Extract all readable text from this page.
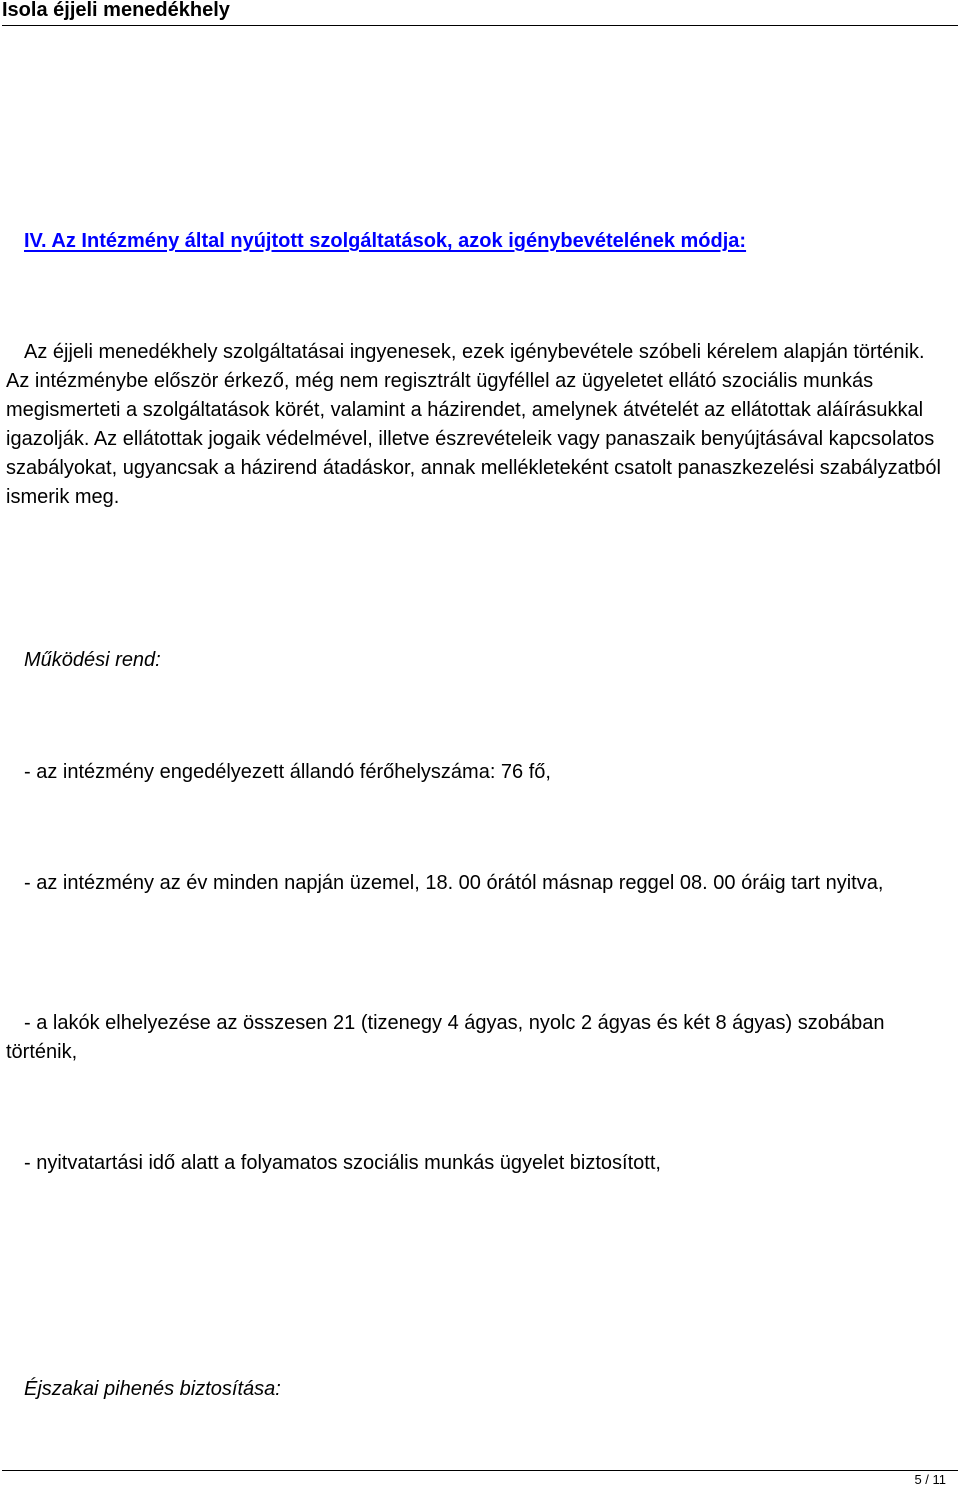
Isola éjjeli menedékhely
IV. Az Intézmény által nyújtott szolgáltatások, azok igénybevételének módja:

Az éjjeli menedékhely szolgáltatásai ingyenesek, ezek igénybevétele szóbeli kérelem alapján történik. Az intézménybe először érkező, még nem regisztrált ügyféllel az ügyeletet ellátó szociális munkás megismerteti a szolgáltatások körét, valamint a házirendet, amelynek átvételét az ellátottak aláírásukkal igazolják. Az ellátottak jogaik védelmével, illetve észrevételeik vagy panaszaik benyújtásával kapcsolatos szabályokat, ugyancsak a házirend átadáskor, annak mellékleteként csatolt panaszkezelési szabályzatból ismerik meg.

Működési rend:

- az intézmény engedélyezett állandó férőhelyszáma: 76 fő,

- az intézmény az év minden napján üzemel, 18. 00 órától másnap reggel 08. 00 óráig tart nyitva,

- a lakók elhelyezése az összesen 21 (tizenegy 4 ágyas, nyolc 2 ágyas és két 8 ágyas) szobában történik,

- nyitvatartási idő alatt a folyamatos szociális munkás ügyelet biztosított,

Éjszakai pihenés biztosítása:
5 / 11
